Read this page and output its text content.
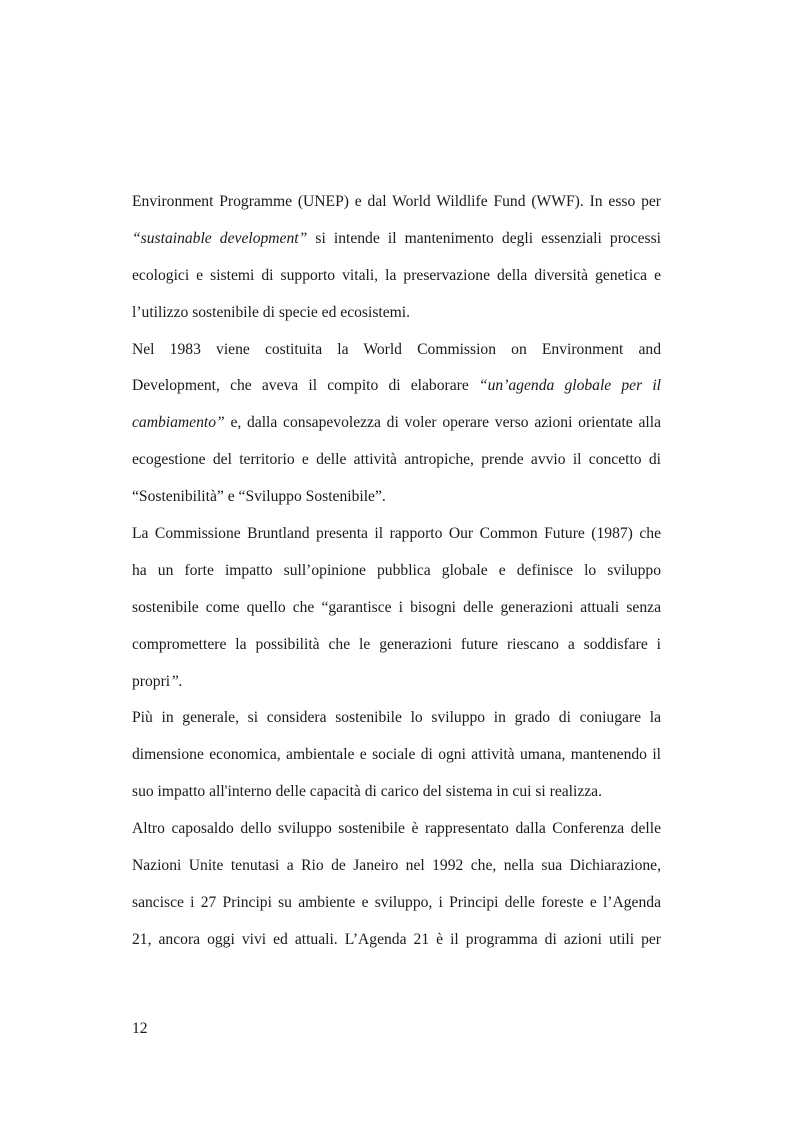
Environment Programme (UNEP) e dal World Wildlife Fund (WWF). In esso per
“sustainable development” si intende il mantenimento degli essenziali processi
ecologici e sistemi di supporto vitali, la preservazione della diversità genetica e
l’utilizzo sostenibile di specie ed ecosistemi.
Nel 1983 viene costituita la World Commission on Environment and
Development, che aveva il compito di elaborare “un’agenda globale per il
cambiamento” e, dalla consapevolezza di voler operare verso azioni orientate alla
ecogestione del territorio e delle attività antropiche, prende avvio il concetto di
“Sostenibilità” e “Sviluppo Sostenibile”.
La Commissione Bruntland presenta il rapporto Our Common Future (1987) che
ha un forte impatto sull’opinione pubblica globale e definisce lo sviluppo
sostenibile come quello che “garantisce i bisogni delle generazioni attuali senza
compromettere la possibilità che le generazioni future riescano a soddisfare i
propri”.
Più in generale, si considera sostenibile lo sviluppo in grado di coniugare la
dimensione economica, ambientale e sociale di ogni attività umana, mantenendo il
suo impatto all'interno delle capacità di carico del sistema in cui si realizza.
Altro caposaldo dello sviluppo sostenibile è rappresentato dalla Conferenza delle
Nazioni Unite tenutasi a Rio de Janeiro nel 1992 che, nella sua Dichiarazione,
sancisce i 27 Principi su ambiente e sviluppo, i Principi delle foreste e l’Agenda
21, ancora oggi vivi ed attuali. L’Agenda 21 è il programma di azioni utili per
12
